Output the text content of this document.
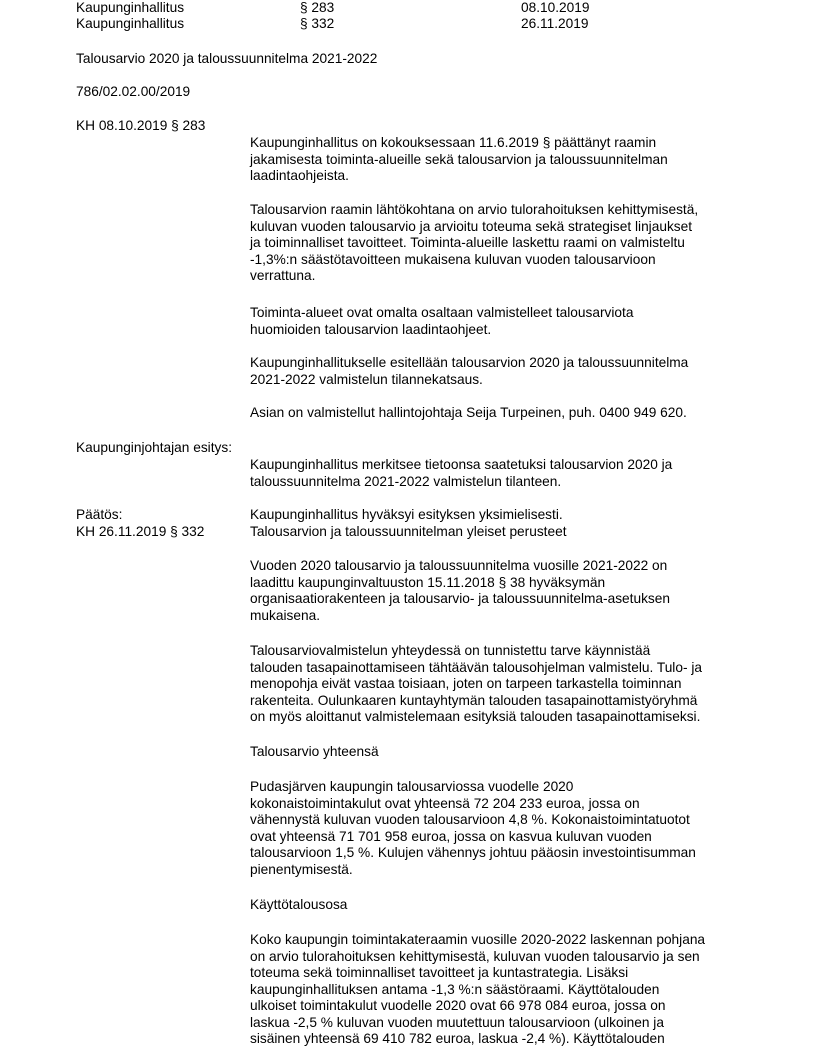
Kaupunginhallitus	§ 283	08.10.2019
Kaupunginhallitus	§ 332	26.11.2019
Talousarvio 2020 ja taloussuunnitelma 2021-2022
786/02.02.00/2019
KH 08.10.2019 § 283
Kaupunginhallitus on kokouksessaan 11.6.2019 § päättänyt raamin
jakamisesta toiminta-alueille sekä talousarvion ja taloussuunnitelman
laadintaohjeista.
Talousarvion raamin lähtökohtana on arvio tulorahoituksen kehittymisestä,
kuluvan vuoden talousarvio ja arvioitu toteuma sekä strategiset linjaukset
ja toiminnalliset tavoitteet. Toiminta-alueille laskettu raami on valmisteltu
-1,3%:n säästötavoitteen mukaisena kuluvan vuoden talousarvioon
verrattuna.
Toiminta-alueet ovat omalta osaltaan valmistelleet talousarviota
huomioiden talousarvion laadintaohjeet.
Kaupunginhallitukselle esitellään talousarvion 2020 ja taloussuunnitelma
2021-2022 valmistelun tilannekatsaus.
Asian on valmistellut hallintojohtaja Seija Turpeinen, puh. 0400 949 620.
Kaupunginjohtajan esitys:
Kaupunginhallitus merkitsee tietoonsa saatetuksi talousarvion 2020 ja
taloussuunnitelma 2021-2022 valmistelun tilanteen.
Päätös:	Kaupunginhallitus hyväksyi esityksen yksimielisesti.
KH 26.11.2019 § 332	Talousarvion ja taloussuunnitelman yleiset perusteet
Vuoden 2020 talousarvio ja taloussuunnitelma vuosille 2021-2022 on
laadittu kaupunginvaltuuston 15.11.2018 § 38 hyväksymän
organisaatiorakenteen ja talousarvio- ja taloussuunnitelma-asetuksen
mukaisena.
Talousarviovalmistelun yhteydessä on tunnistettu tarve käynnistää
talouden tasapainottamiseen tähtäävän talousohjelman valmistelu. Tulo- ja
menopohja eivät vastaa toisiaan, joten on tarpeen tarkastella toiminnan
rakenteita. Oulunkaaren kuntayhtymän talouden tasapainottamistyöryhmä
on myös aloittanut valmistelemaan esityksiä talouden tasapainottamiseksi.
Talousarvio yhteensä
Pudasjärven kaupungin talousarviossa vuodelle 2020
kokonaistoimintakulut ovat yhteensä 72 204 233 euroa, jossa on
vähennystä kuluvan vuoden talousarvioon 4,8 %. Kokonaistoimintatuotot
ovat yhteensä 71 701 958 euroa, jossa on kasvua kuluvan vuoden
talousarvioon 1,5 %. Kulujen vähennys johtuu pääosin investointisumman
pienentymisestä.
Käyttötalousosa
Koko kaupungin toimintakateraamin vuosille 2020-2022 laskennan pohjana
on arvio tulorahoituksen kehittymisestä, kuluvan vuoden talousarvio ja sen
toteuma sekä toiminnalliset tavoitteet ja kuntastrategia. Lisäksi
kaupunginhallituksen antama -1,3 %:n säästöraami. Käyttötalouden
ulkoiset toimintakulut vuodelle 2020 ovat 66 978 084 euroa, jossa on
laskua -2,5 % kuluvan vuoden muutettuun talousarvioon (ulkoinen ja
sisäinen yhteensä 69 410 782 euroa, laskua -2,4 %). Käyttötalouden
